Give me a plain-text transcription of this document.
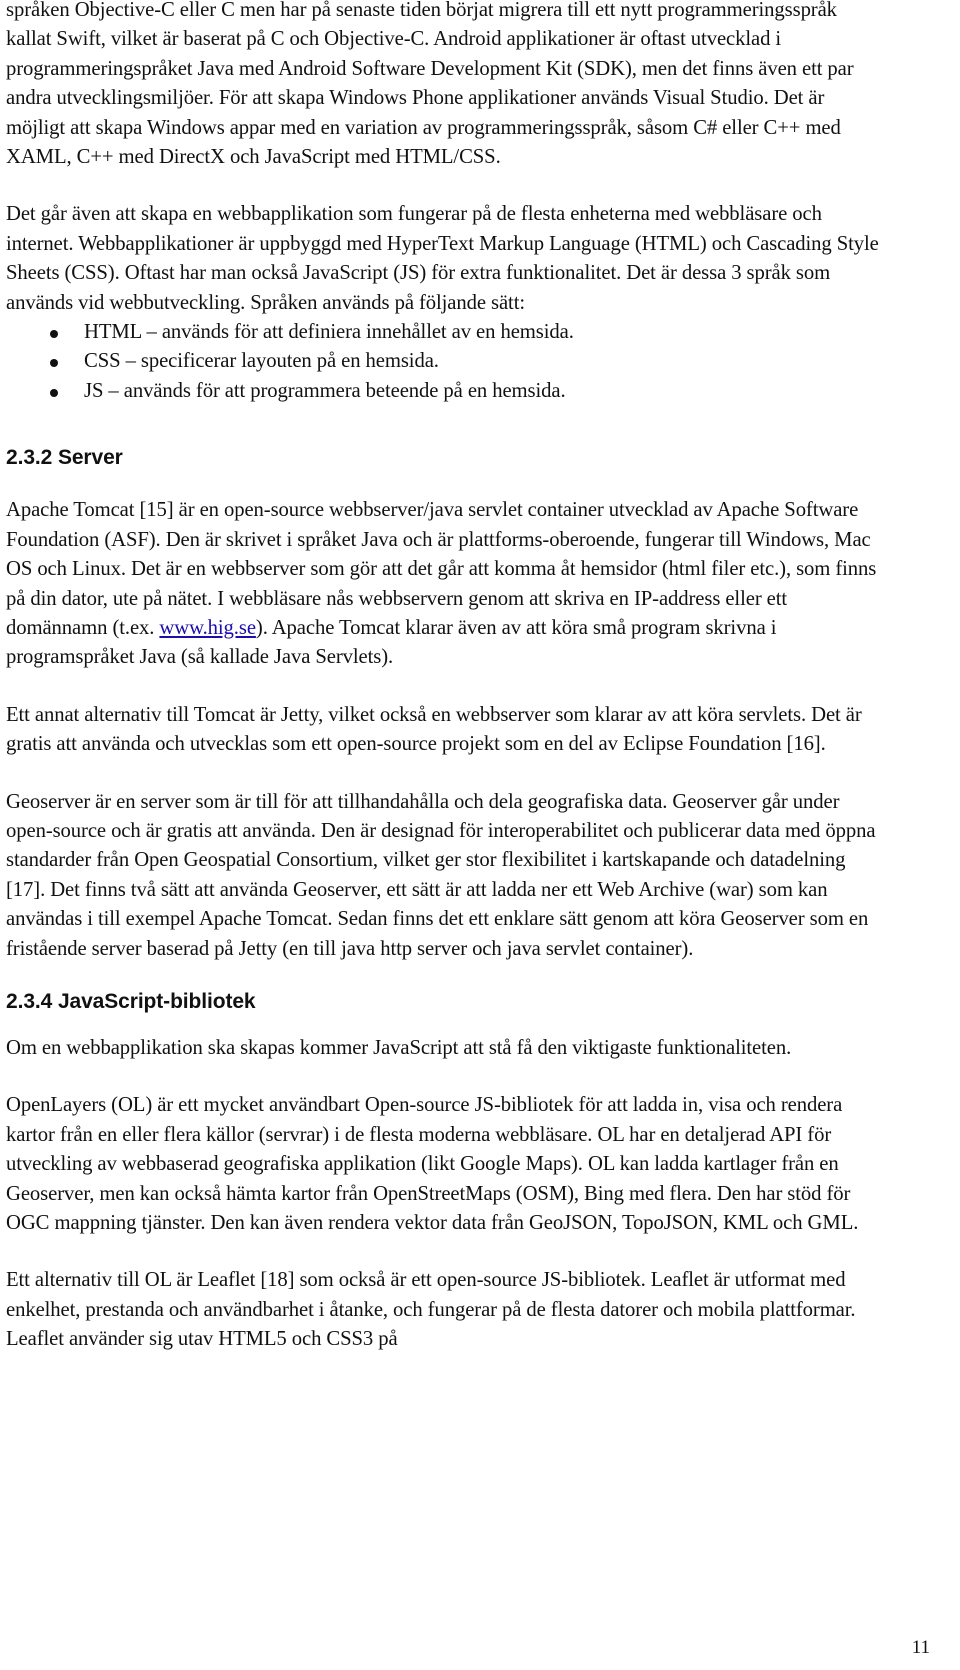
språken Objective-C eller C men har på senaste tiden börjat migrera till ett nytt programmeringsspråk kallat Swift, vilket är baserat på C och Objective-C. Android applikationer är oftast utvecklad i programmeringspråket Java med Android Software Development Kit (SDK), men det finns även ett par andra utvecklingsmiljöer. För att skapa Windows Phone applikationer används Visual Studio. Det är möjligt att skapa Windows appar med en variation av programmeringsspråk, såsom C# eller C++ med XAML, C++ med DirectX och JavaScript med HTML/CSS.

Det går även att skapa en webbapplikation som fungerar på de flesta enheterna med webbläsare och internet. Webbapplikationer är uppbyggd med HyperText Markup Language (HTML) och Cascading Style Sheets (CSS). Oftast har man också JavaScript (JS) för extra funktionalitet. Det är dessa 3 språk som används vid webbutveckling. Språken används på följande sätt:

HTML – används för att definiera innehållet av en hemsida.
CSS – specificerar layouten på en hemsida.
JS – används för att programmera beteende på en hemsida.
2.3.2 Server

Apache Tomcat [15] är en open-source webbserver/java servlet container utvecklad av Apache Software Foundation (ASF). Den är skrivet i språket Java och är plattforms-oberoende, fungerar till Windows, Mac OS och Linux. Det är en webbserver som gör att det går att komma åt hemsidor (html filer etc.), som finns på din dator, ute på nätet. I webbläsare nås webbservern genom att skriva en IP-address eller ett domännamn (t.ex. www.hig.se). Apache Tomcat klarar även av att köra små program skrivna i programspråket Java (så kallade Java Servlets).

Ett annat alternativ till Tomcat är Jetty, vilket också en webbserver som klarar av att köra servlets. Det är gratis att använda och utvecklas som ett open-source projekt som en del av Eclipse Foundation [16].

Geoserver är en server som är till för att tillhandahålla och dela geografiska data. Geoserver går under open-source och är gratis att använda. Den är designad för interoperabilitet och publicerar data med öppna standarder från Open Geospatial Consortium, vilket ger stor flexibilitet i kartskapande och datadelning [17]. Det finns två sätt att använda Geoserver, ett sätt är att ladda ner ett Web Archive (war) som kan användas i till exempel Apache Tomcat. Sedan finns det ett enklare sätt genom att köra Geoserver som en fristående server baserad på Jetty (en till java http server och java servlet container).

2.3.4 JavaScript-bibliotek

Om en webbapplikation ska skapas kommer JavaScript att stå få den viktigaste funktionaliteten.

OpenLayers (OL) är ett mycket användbart Open-source JS-bibliotek för att ladda in, visa och rendera kartor från en eller flera källor (servrar) i de flesta moderna webbläsare. OL har en detaljerad API för utveckling av webbaserad geografiska applikation (likt Google Maps). OL kan ladda kartlager från en Geoserver, men kan också hämta kartor från OpenStreetMaps (OSM), Bing med flera. Den har stöd för OGC mappning tjänster. Den kan även rendera vektor data från GeoJSON, TopoJSON, KML och GML.

Ett alternativ till OL är Leaflet [18] som också är ett open-source JS-bibliotek. Leaflet är utformat med enkelhet, prestanda och användbarhet i åtanke, och fungerar på de flesta datorer och mobila plattformar. Leaflet använder sig utav HTML5 och CSS3 på

11
